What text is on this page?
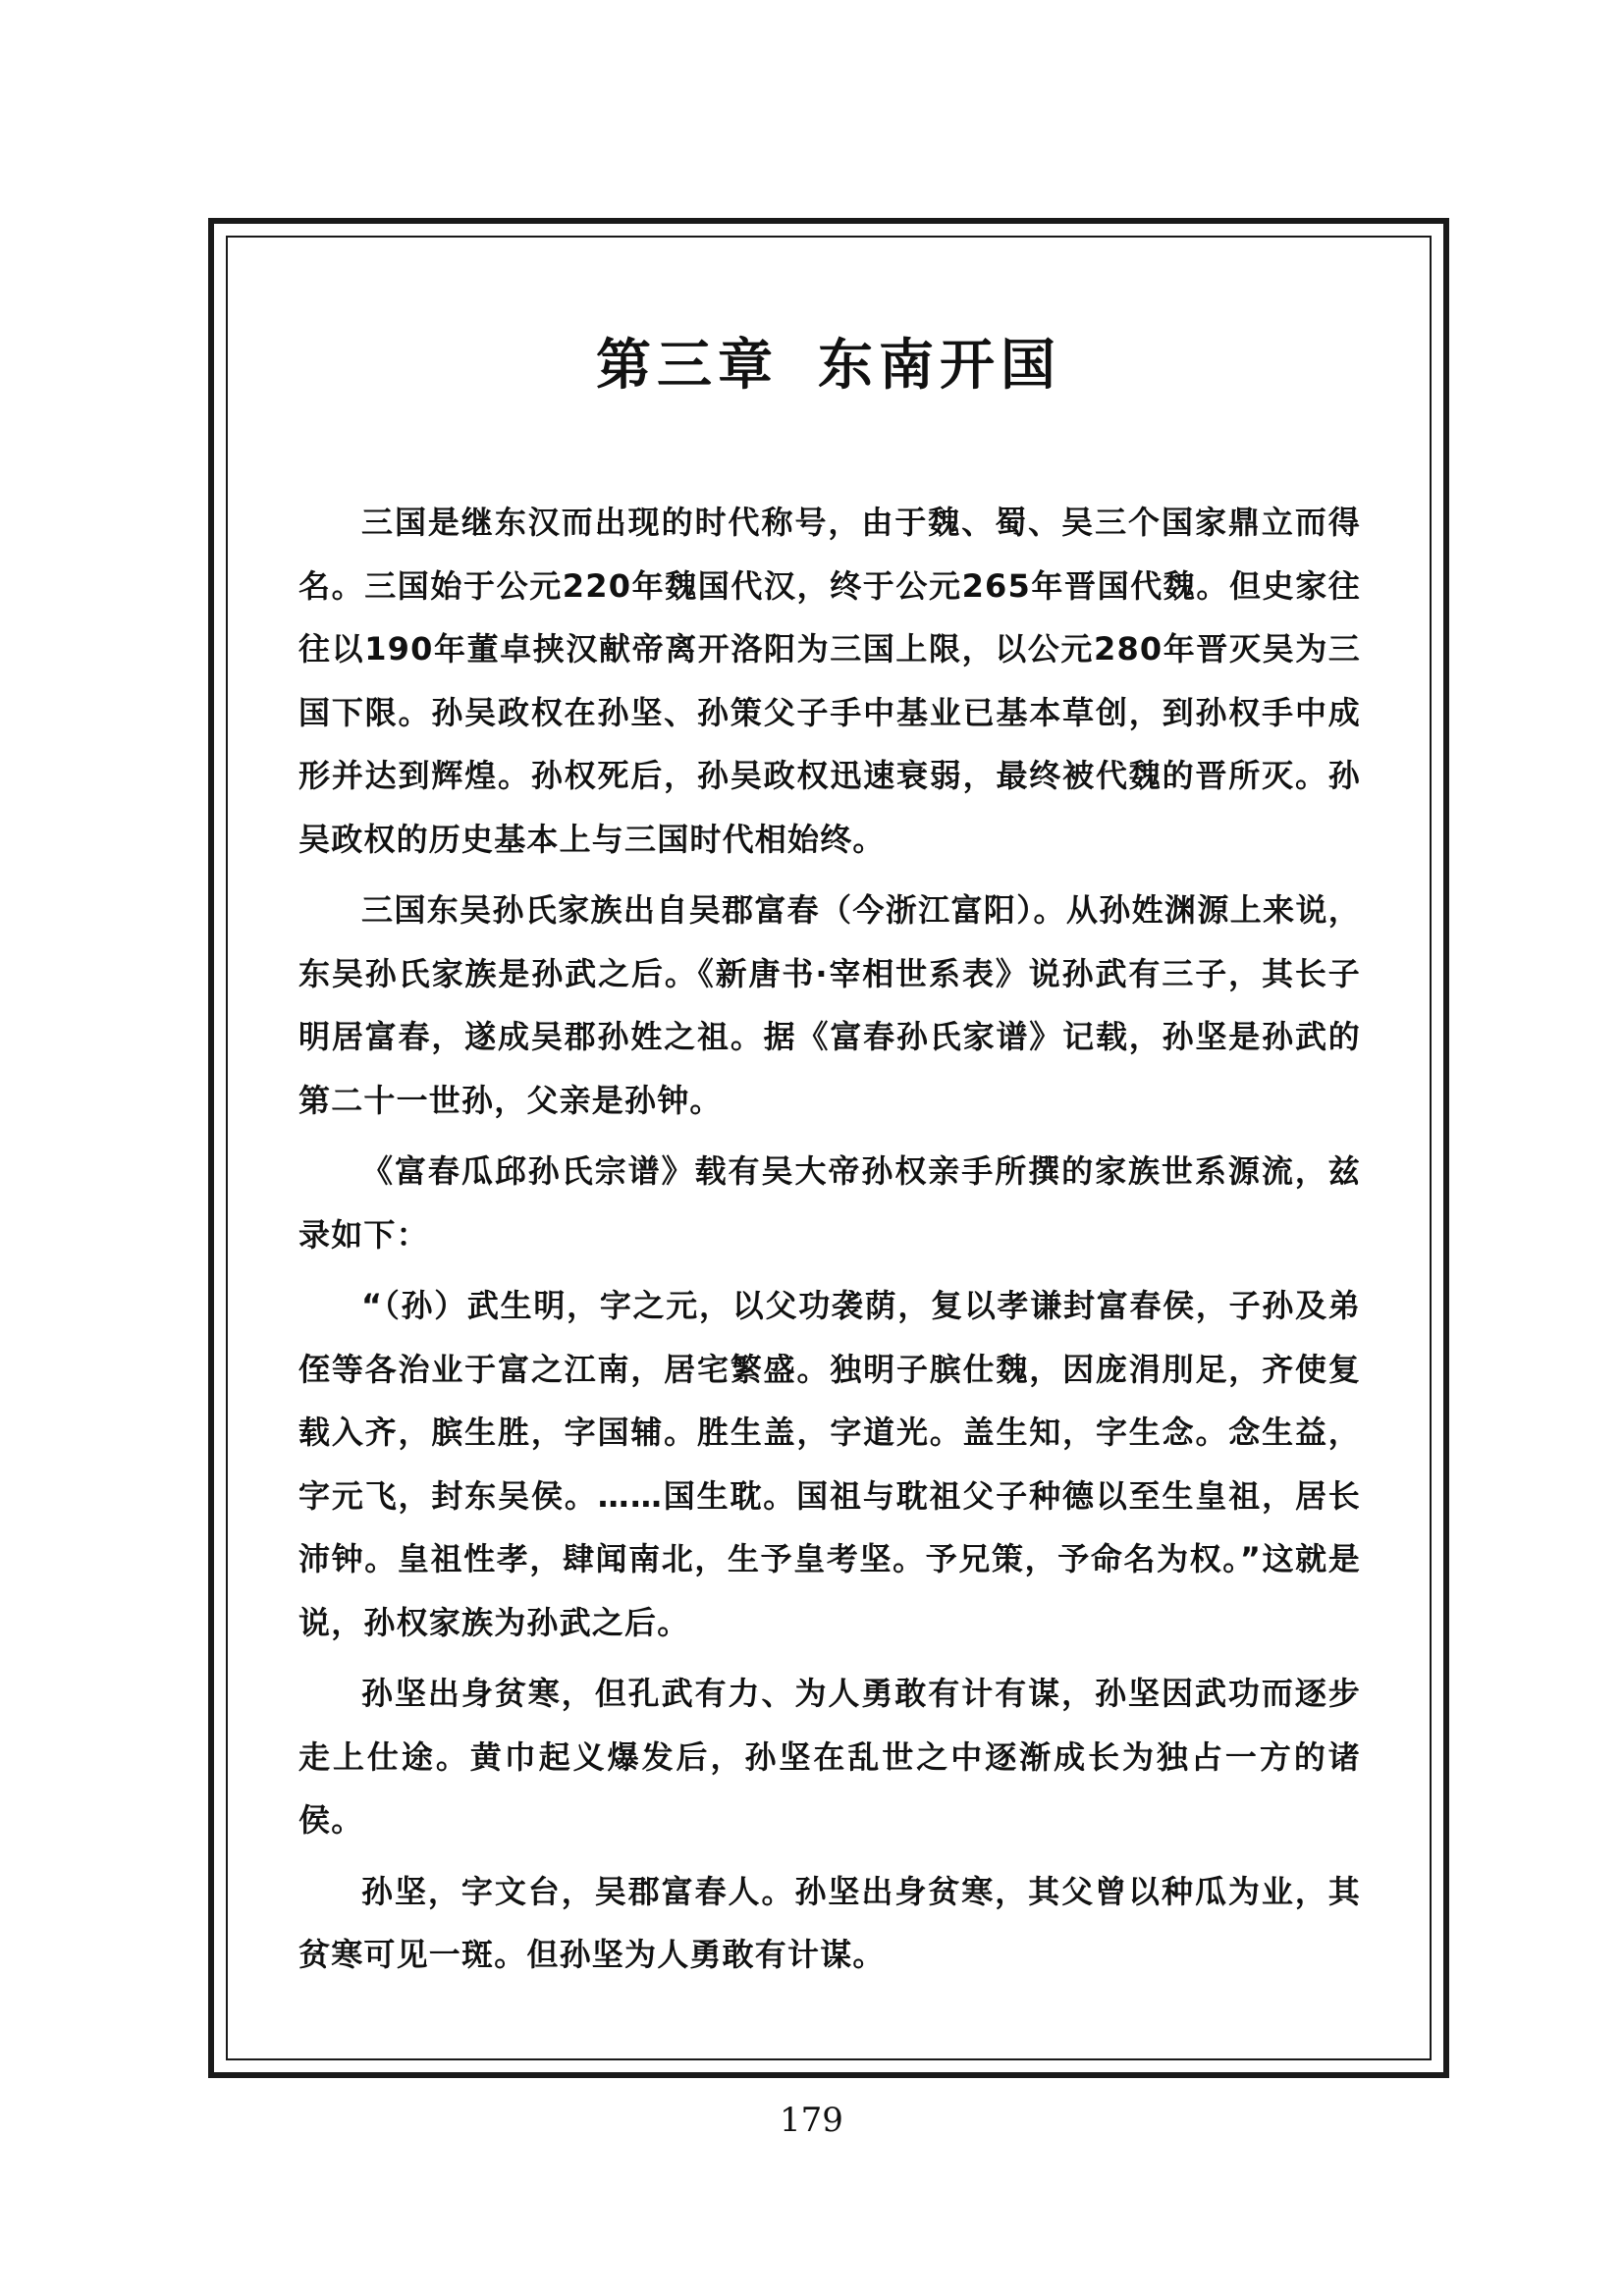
第三章 东南开国

三国是继东汉而出现的时代称号，由于魏、蜀、吴三个国家鼎立而得名。三国始于公元220年魏国代汉，终于公元265年晋国代魏。但史家往往以190年董卓挟汉献帝离开洛阳为三国上限，以公元280年晋灭吴为三国下限。孙吴政权在孙坚、孙策父子手中基业已基本草创，到孙权手中成形并达到辉煌。孙权死后，孙吴政权迅速衰弱，最终被代魏的晋所灭。孙吴政权的历史基本上与三国时代相始终。

三国东吴孙氏家族出自吴郡富春（今浙江富阳）。从孙姓渊源上来说，东吴孙氏家族是孙武之后。《新唐书·宰相世系表》说孙武有三子，其长子明居富春，遂成吴郡孙姓之祖。据《富春孙氏家谱》记载，孙坚是孙武的第二十一世孙，父亲是孙钟。

《富春瓜邱孙氏宗谱》载有吴大帝孙权亲手所撰的家族世系源流，兹录如下：

“（孙）武生明，字之元，以父功袭荫，复以孝谦封富春侯，子孙及弟侄等各治业于富之江南，居宅繁盛。独明子膑仕魏，因庞涓刖足，齐使复载入齐，膑生胜，字国辅。胜生盖，字道光。盖生知，字生念。念生益，字元飞，封东吴侯。……国生耽。国祖与耽祖父子种德以至生皇祖，居长沛钟。皇祖性孝，肆闻南北，生予皇考坚。予兄策，予命名为权。”这就是说，孙权家族为孙武之后。

孙坚出身贫寒，但孔武有力、为人勇敢有计有谋，孙坚因武功而逐步走上仕途。黄巾起义爆发后，孙坚在乱世之中逐渐成长为独占一方的诸侯。

孙坚，字文台，吴郡富春人。孙坚出身贫寒，其父曾以种瓜为业，其贫寒可见一斑。但孙坚为人勇敢有计谋。

179
